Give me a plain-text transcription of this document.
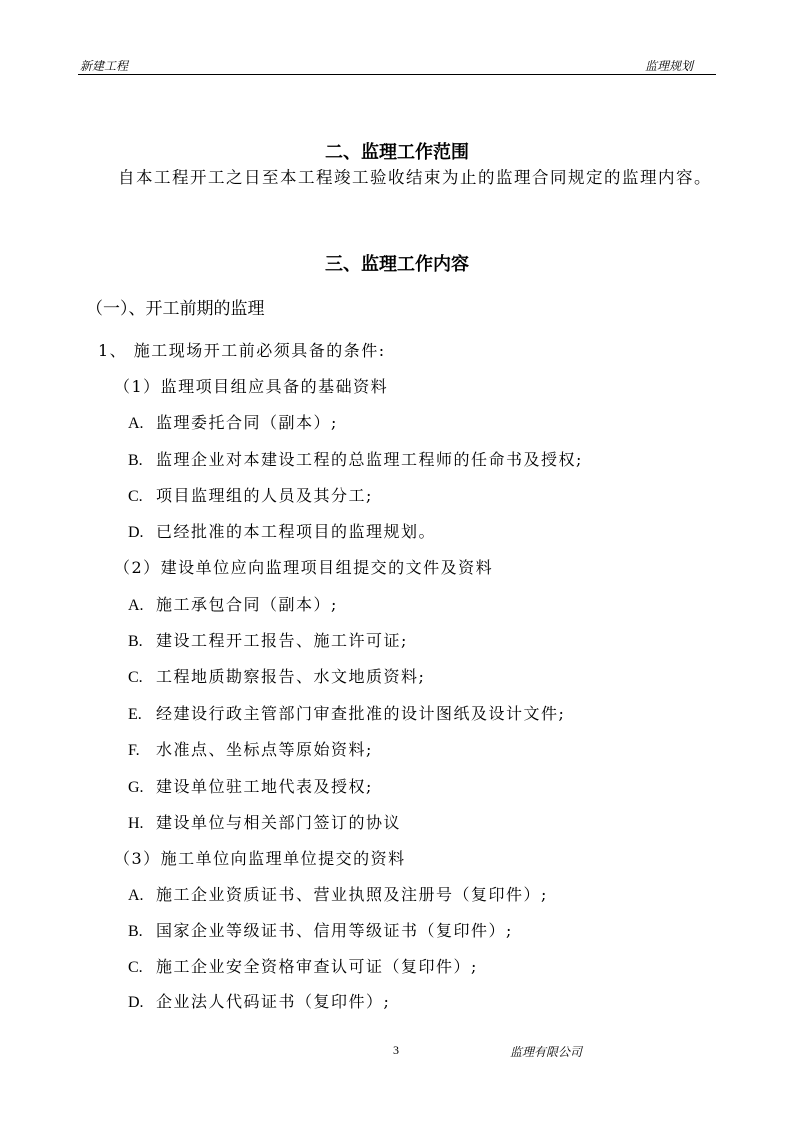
新建工程	监理规划
二、监理工作范围
自本工程开工之日至本工程竣工验收结束为止的监理合同规定的监理内容。
三、监理工作内容
（一）、开工前期的监理
1、 施工现场开工前必须具备的条件:
（1）监理项目组应具备的基础资料
A. 监理委托合同（副本）;
B. 监理企业对本建设工程的总监理工程师的任命书及授权;
C. 项目监理组的人员及其分工;
D. 已经批准的本工程项目的监理规划。
（2）建设单位应向监理项目组提交的文件及资料
A. 施工承包合同（副本）;
B. 建设工程开工报告、施工许可证;
C. 工程地质勘察报告、水文地质资料;
E. 经建设行政主管部门审查批准的设计图纸及设计文件;
F. 水准点、坐标点等原始资料;
G. 建设单位驻工地代表及授权;
H. 建设单位与相关部门签订的协议
（3）施工单位向监理单位提交的资料
A. 施工企业资质证书、营业执照及注册号（复印件）;
B. 国家企业等级证书、信用等级证书（复印件）;
C. 施工企业安全资格审查认可证（复印件）;
D. 企业法人代码证书（复印件）;
3	监理有限公司
